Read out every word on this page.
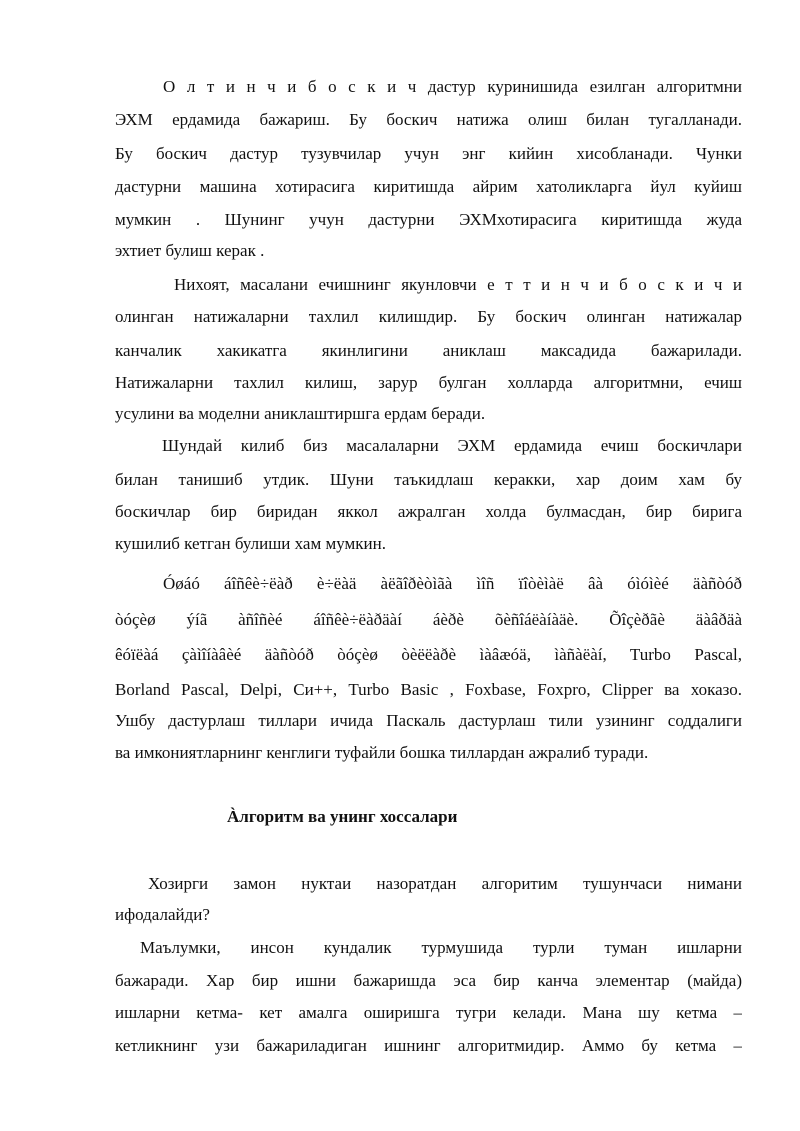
О л т и н ч и б о с к и ч дастур куринишида езилган алгоритмни
ЭХМ ердамида бажариш. Бу боскич натижа олиш билан тугалланади.
Бу боскич дастур тузувчилар учун энг кийин хисобланади. Чунки
дастурни машина хотирасига киритишда айрим хатоликларга йул куйиш
мумкин . Шунинг учун дастурни ЭХМхотирасига киритишда жуда
эхтиет булиш керак .
Нихоят, масалани ечишнинг якунловчи е т т и н ч и б о с к и ч и
олинган натижаларни тахлил килишдир. Бу боскич олинган натижалар
канчалик хакикатга якинлигини аниклаш максадида бажарилади.
Натижаларни тахлил килиш, зарур булган холларда алгоритмни, ечиш
усулини ва моделни аниклаштиршга ердам беради.
Шундай килиб биз масалаларни ЭХМ ердамида ечиш боскичлари
билан танишиб утдик. Шуни таъкидлаш керакки, хар доим хам бу
боскичлар бир биридан яккол ажралган холда булмасдан, бир бирига
кушилиб кетган булиши хам мумкин.
Óøáó áîñêè÷ëàð è÷ëàä àëãîðèòìãà ìîñ ïîòèìàë âà óìóìèé äàñòóð
òóçèø ýíã àñîñèé áîñêè÷ëàðäàí áèðè õèñîáëàíàäè. Õîçèðãè äàâðäà
êóïëàá çàìîíàâèé äàñòóð òóçèø òèëëàðè ìàâæóä, ìàñàëàí, Turbo Pascal,
Borland Pascal, Delpi, Си++, Turbo Basic , Foxbase, Foxpro, Clipper ва хоказо.
Ушбу дастурлаш тиллари ичида Паскаль дастурлаш тили узининг соддалиги
ва имкониятларнинг кенглиги туфайли бошка тиллардан ажралиб туради.
Àлгоритм ва унинг хоссалари
Хозирги замон нуктаи назоратдан алгоритим тушунчаси нимани
ифодалайди?
Маълумки, инсон кундалик турмушида турли туман ишларни
бажаради. Хар бир ишни бажаришда эса бир канча элементар (майда)
ишларни кетма- кет амалга оширишга тугри келади. Мана шу кетма –
кетликнинг узи бажариладиган ишнинг алгоритмидир. Аммо бу кетма –
